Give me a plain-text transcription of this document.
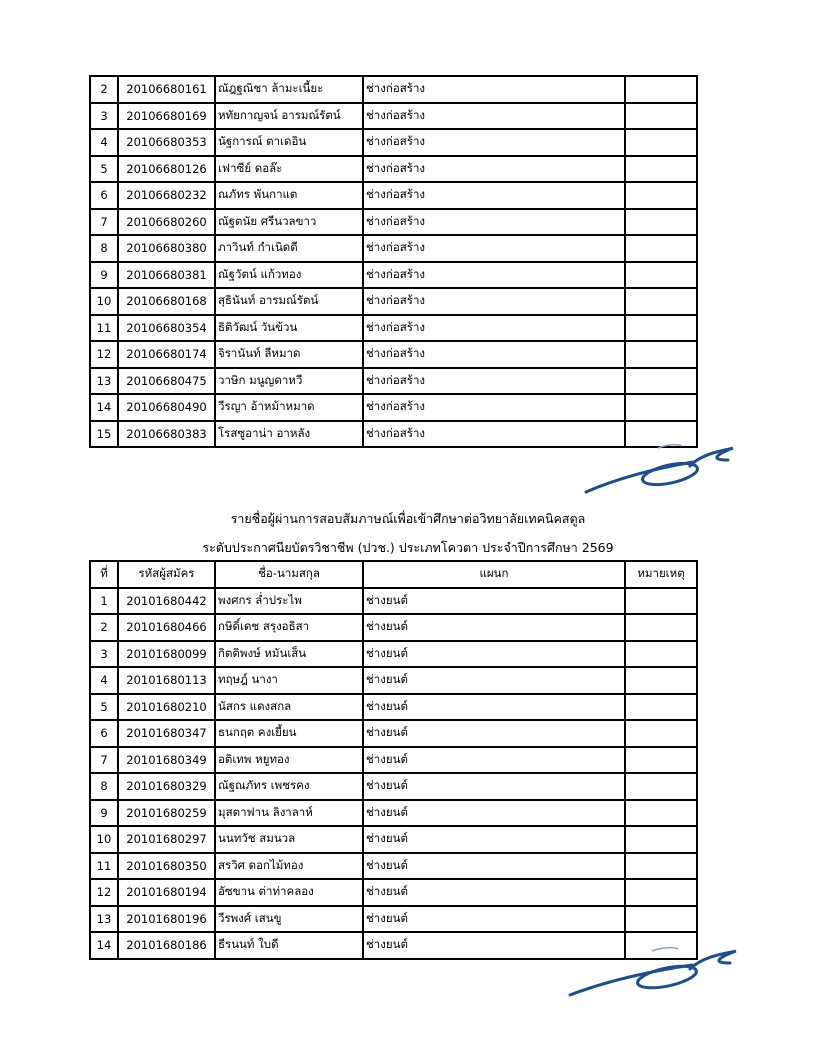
2	20106680161	ณัฎฐณิชา ล้ามะเนี้ยะ	ช่างก่อสร้าง	
3	20106680169	หทัยกาญจน์ อารมณ์รัตน์	ช่างก่อสร้าง	
4	20106680353	นัฐการณ์ ตาเดอิน	ช่างก่อสร้าง	
5	20106680126	เฟาซีย์ ดอล๊ะ	ช่างก่อสร้าง	
6	20106680232	ณภัทร พันกาแต	ช่างก่อสร้าง	
7	20106680260	ณัฐตนัย ศรีนวลขาว	ช่างก่อสร้าง	
8	20106680380	ภาวินท์ กำเนิดดี	ช่างก่อสร้าง	
9	20106680381	ณัฐวัตน์ แก้วทอง	ช่างก่อสร้าง	
10	20106680168	สุธินันท์ อารมณ์รัตน์	ช่างก่อสร้าง	
11	20106680354	ธิติวัฒน์ วันข้วน	ช่างก่อสร้าง	
12	20106680174	จิรานันท์ ลีหมาด	ช่างก่อสร้าง	
13	20106680475	วาษิก มนูญดาหวี	ช่างก่อสร้าง	
14	20106680490	วีรญา อ้าหม้าหมาด	ช่างก่อสร้าง	
15	20106680383	โรสซูอาน่า อาหลัง	ช่างก่อสร้าง	
รายชื่อผู้ผ่านการสอบสัมภาษณ์เพื่อเข้าศึกษาต่อวิทยาลัยเทคนิคสตูล
ระดับประกาศนียบัตรวิชาชีพ (ปวช.) ประเภทโควตา ประจำปีการศึกษา 2569
ที่	รหัสผู้สมัคร	ชื่อ-นามสกุล	แผนก	หมายเหตุ
1	20101680442	พงศกร ล่ำประไพ	ช่างยนต์	
2	20101680466	กษิดิ์เดช สรุงอธิสา	ช่างยนต์	
3	20101680099	กิตติพงษ์ หมันเส็น	ช่างยนต์	
4	20101680113	ทฤษฎ์ นางา	ช่างยนต์	
5	20101680210	นัสกร แดงสกล	ช่างยนต์	
6	20101680347	ธนกฤต คงเยี้ยน	ช่างยนต์	
7	20101680349	อติเทพ หยูทอง	ช่างยนต์	
8	20101680329	ณัฐณภัทร เพชรคง	ช่างยนต์	
9	20101680259	มุสตาฟาน ลิงาลาห์	ช่างยนต์	
10	20101680297	นนทวัช สมนวล	ช่างยนต์	
11	20101680350	สรวิศ ดอกไม้ทอง	ช่างยนต์	
12	20101680194	อัซขาน ต่าท่าคลอง	ช่างยนต์	
13	20101680196	วีรพงศ์ เสนขู	ช่างยนต์	
14	20101680186	ธีรนนท์ ใบดี	ช่างยนต์	
